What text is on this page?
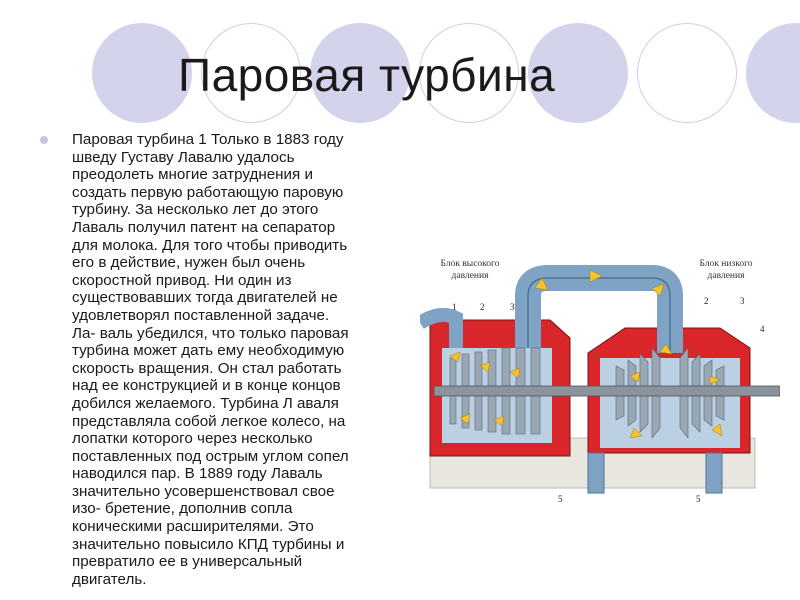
Паровая турбина
Паровая турбина 1 Только в 1883 году
шведу Густаву Лавалю удалось
преодолеть многие затруднения и
создать первую работающую паровую
турбину. За несколько лет до этого
Лаваль получил патент на сепаратор
для молока. Для того чтобы приводить
его в действие, нужен был очень
скоростной привод. Ни один из
существовавших тогда двигателей не
удовлетворял поставленной задаче.
Ла- валь убедился, что только паровая
турбина может дать ему необходимую
скорость вращения. Он стал работать
над ее конструкцией и в конце концов
добился желаемого. Турбина Л аваля
представляла собой легкое колесо, на
лопатки которого через несколько
поставленных под острым углом сопел
наводился пар. В 1889 году Лаваль
значительно усовершенствовал свое
изо- бретение, дополнив сопла
коническими расширителями. Это
значительно повысило КПД турбины и
превратило ее в универсальный
двигатель.
Блок высокого
давления
Блок низкого
давления
1	2	3
2	3
4
5	5
